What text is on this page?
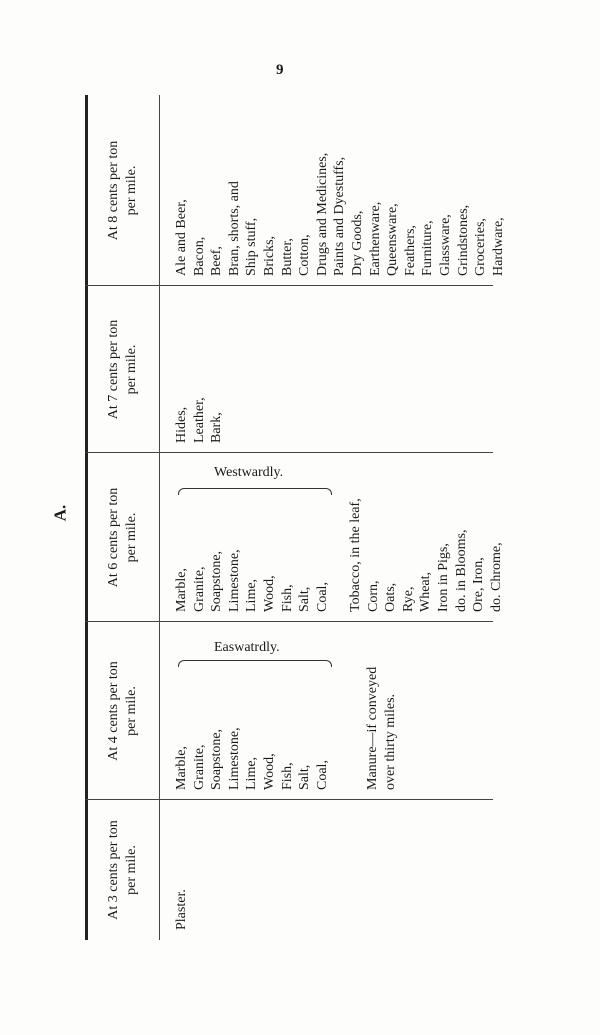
9
A.
At 3 cents per ton
per mile.
Plaster.
At 4 cents per ton
per mile.
Marble, Granite, Soapstone, Limestone, Lime, Wood, Fish, Salt, Coal,	Manure—if conveyed over thirty miles.
At 6 cents per ton
per mile.
Marble, Granite, Soapstone, Limestone, Lime, Wood, Fish, Salt, Coal, Tobacco, in the leaf, Corn, Oats, Rye, Wheat, Iron in Pigs, do. in Blooms, Ore, Iron, do. Chrome,
At 7 cents per ton
per mile.
Hides, Leather, Bark,
At 8 cents per ton
per mile.
Ale and Beer, Bacon, Beef, Bran, shorts, and Ship stuff, Bricks, Butter, Cotton, Drugs and Medicines, Paints and Dyestuffs, Dry Goods, Earthenware, Queensware, Feathers, Furniture, Glassware, Grindstones, Groceries, Hardware,
Easwatrdly.
Westwardly.
